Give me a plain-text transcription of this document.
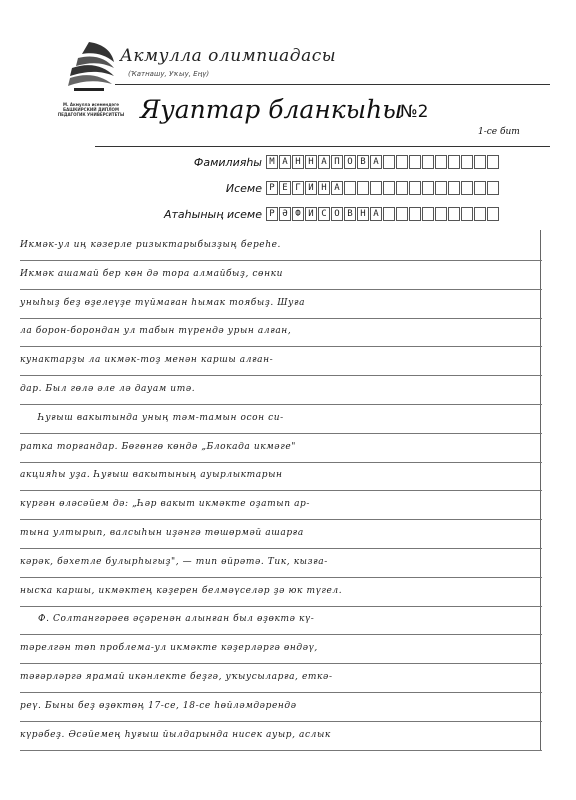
М. Акмулла исемендәге
БАШКИРСКИЙ ДИПЛОМ
ПЕДАГОГИК УНИВЕРСИТЕТЫ
Акмулла олимпиадасы
(Ҡатнашу, Уҡыу, Еңү)
Яуаптар бланкыһы
№2
1-се бит
Фамилияһы М А Н Н А П О В А
Исеме Р Е Г И Н А
Атаһының исеме Р Ә Ф И С О В Н А
Икмәк-ул иң кәзерле ризыктарыбызҙың береhе.
Икмәк ашамай бер көн дә тора алмайбыҙ, сөнки
уныһыҙ беҙ өҙелеүҙе түймаған hымак тоябыҙ. Шуға
ла борон-борондан ул табын түрендә урын алған,
кунактарҙы ла икмәк-тоҙ менән каршы алған-
дар. Был гөлә әле лә дауам итә.
Һуғыш вакытында уның тәм-тамын осон си-
ратка торғандар. Бөгөнгө көндә „Блокада икмәге"
акцияhы уҙа. Һуғыш вакытының ауырлыктарын
күргән өләсәйем дә: „Һәр вакыт икмәкте оҙатып ар-
тына ултырып, валсыһын иҙәнгә төшөрмәй ашарға
кәрәк, бәхетле булырһыгыҙ", — тип өйрәтә. Тик, кызға-
нысҡа каршы, икмәктең кәҙерен белмәүселәр ҙә юк түгел.
Ф. Солтангәрәев әҫәренән алынған был өҙөктә кү-
тәрелгән төп проблема-ул икмәкте кәҙерләргә өндәү,
тәғәрләргә ярамай икәнлекте беҙгә, уҡыусыларға, еткә-
реү. Быны беҙ өҙөктөң 17-се, 18-се һөйләмдәрендә
күрәбеҙ. Әсәйемең һуғыш йылдарында нисек ауыр, аслык
